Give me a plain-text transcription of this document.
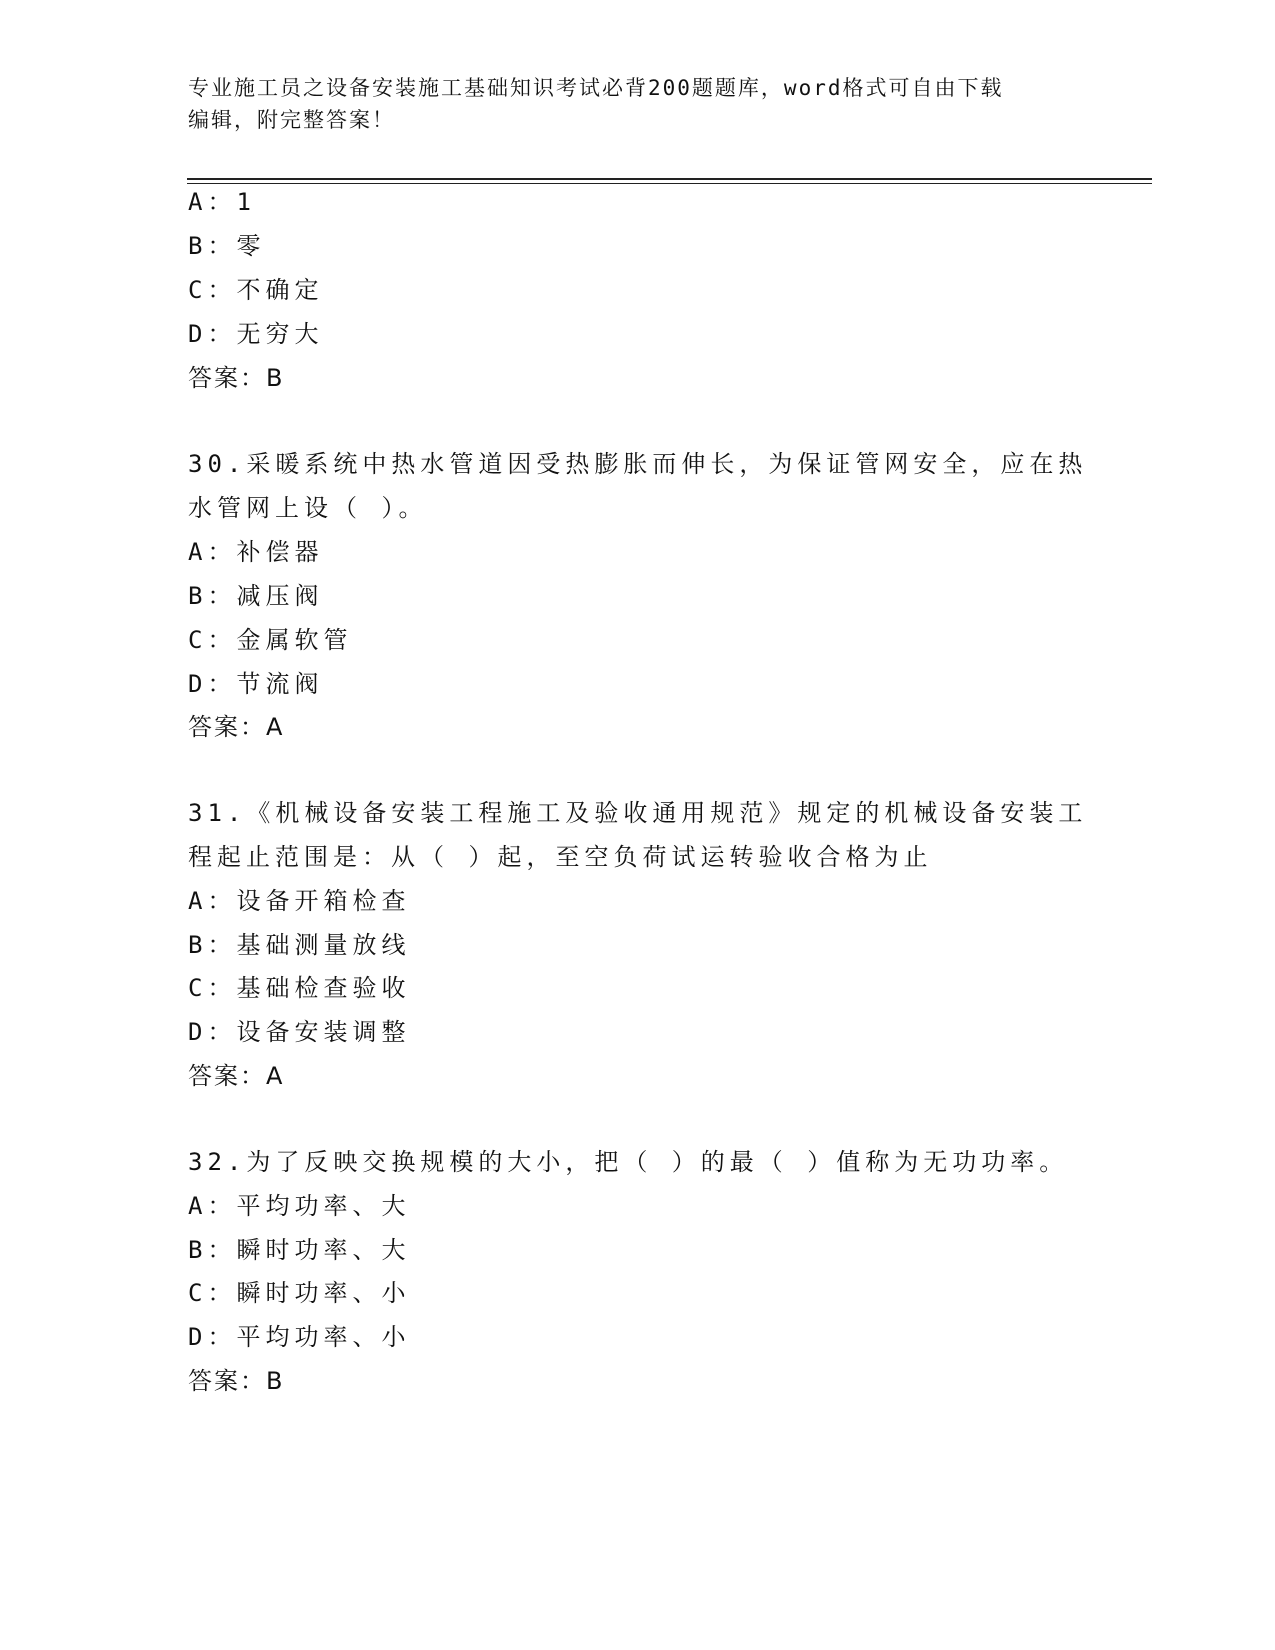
专业施工员之设备安装施工基础知识考试必背200题题库，word格式可自由下载
编辑，附完整答案！
A：1
B：零
C：不确定
D：无穷大
答案：B
30.采暖系统中热水管道因受热膨胀而伸长，为保证管网安全，应在热
水管网上设（ ）。
A：补偿器
B：减压阀
C：金属软管
D：节流阀
答案：A
31.《机械设备安装工程施工及验收通用规范》规定的机械设备安装工
程起止范围是：从（ ）起，至空负荷试运转验收合格为止
A：设备开箱检查
B：基础测量放线
C：基础检查验收
D：设备安装调整
答案：A
32.为了反映交换规模的大小，把（ ）的最（ ）值称为无功功率。
A：平均功率、大
B：瞬时功率、大
C：瞬时功率、小
D：平均功率、小
答案：B
